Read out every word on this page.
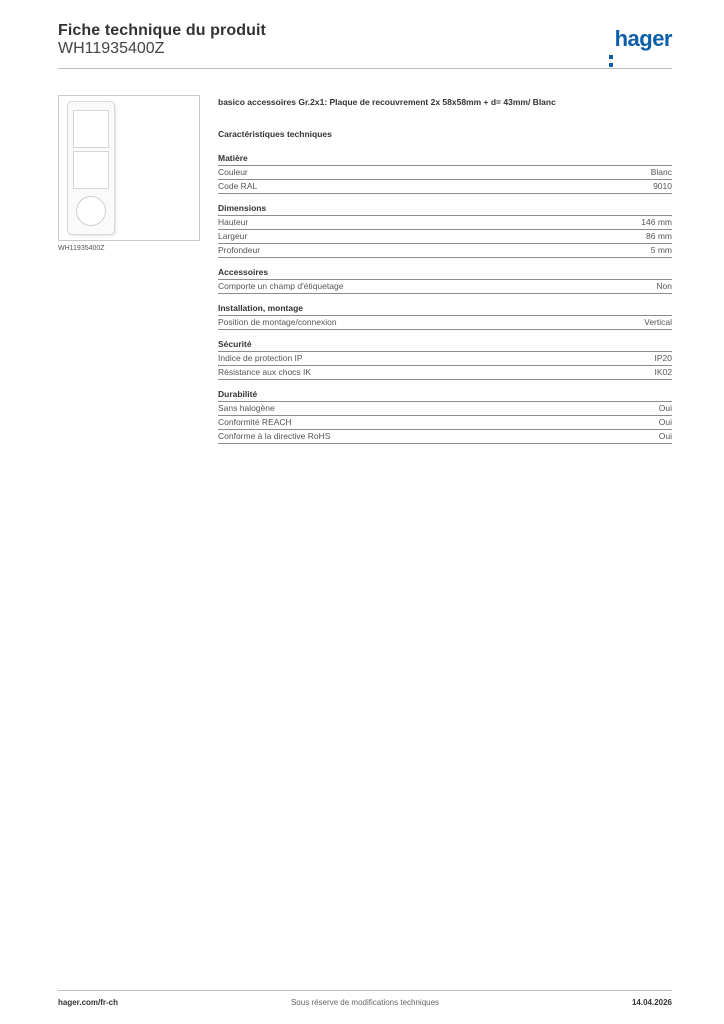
Fiche technique du produit
WH11935400Z	hager
WH11935400Z
basico accessoires Gr.2x1: Plaque de recouvrement 2x 58x58mm + d= 43mm/ Blanc
Caractéristiques techniques
Matière
Couleur	Blanc
Code RAL	9010
Dimensions
Hauteur	146 mm
Largeur	86 mm
Profondeur	5 mm
Accessoires
Comporte un champ d'étiquetage	Non
Installation, montage
Position de montage/connexion	Vertical
Sécurité
Indice de protection IP	IP20
Résistance aux chocs IK	IK02
Durabilité
Sans halogène	Oui
Conformité REACH	Oui
Conforme à la directive RoHS	Oui
hager.com/fr-ch	Sous réserve de modifications techniques	14.04.2026
